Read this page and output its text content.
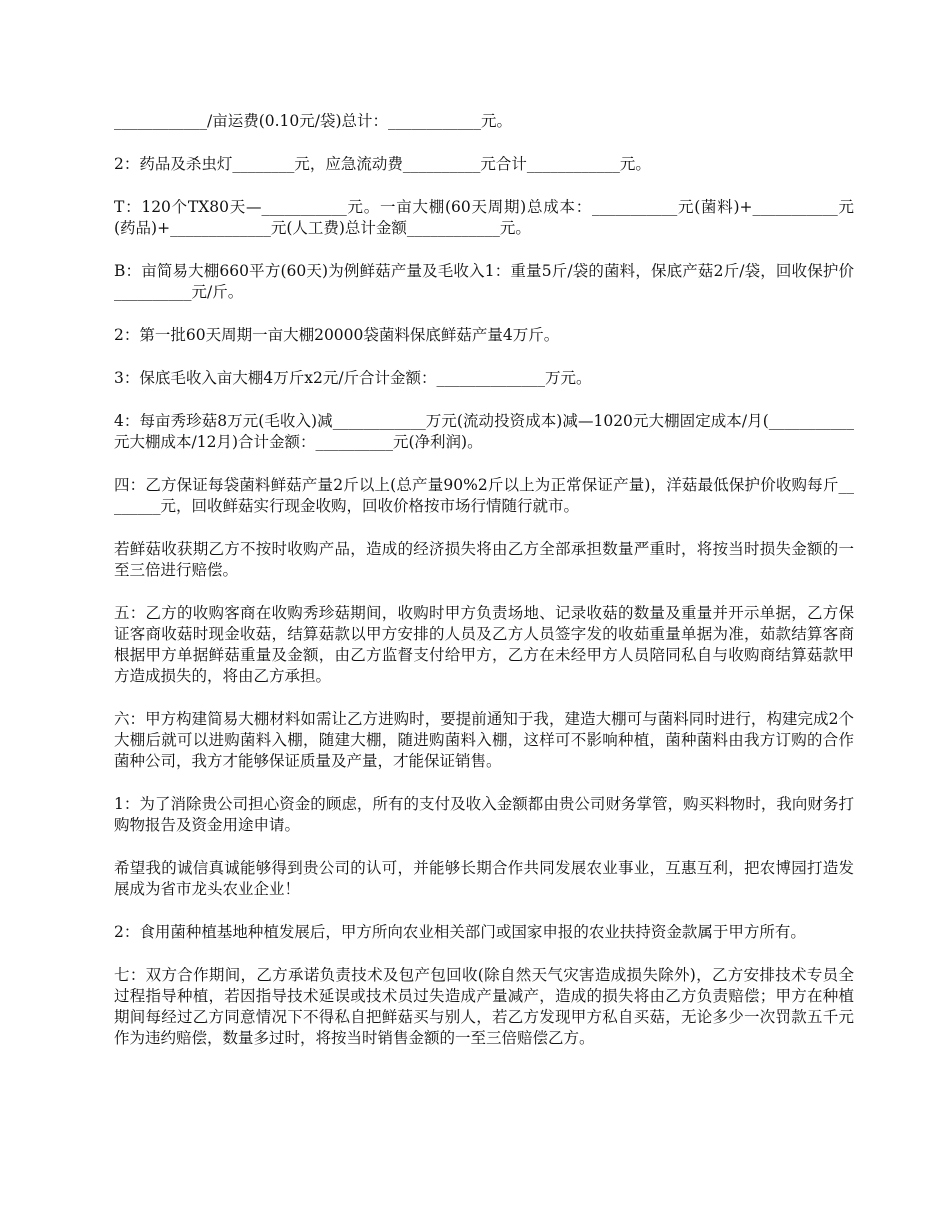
____________/亩运费(0.10元/袋)总计：____________元。

2：药品及杀虫灯________元，应急流动费__________元合计____________元。

T：120个TX80天—___________元。一亩大棚(60天周期)总成本：___________元(菌料)+___________元(药品)+_____________元(人工费)总计金额____________元。

B：亩简易大棚660平方(60天)为例鲜菇产量及毛收入1：重量5斤/袋的菌料，保底产菇2斤/袋，回收保护价__________元/斤。

2：第一批60天周期一亩大棚20000袋菌料保底鲜菇产量4万斤。

3：保底毛收入亩大棚4万斤x2元/斤合计金额：______________万元。

4：每亩秀珍菇8万元(毛收入)减____________万元(流动投资成本)减—1020元大棚固定成本/月(___________元大棚成本/12月)合计金额：__________元(净利润)。

四：乙方保证每袋菌料鲜菇产量2斤以上(总产量90%2斤以上为正常保证产量)，洋菇最低保护价收购每斤________元，回收鲜菇实行现金收购，回收价格按市场行情随行就市。

若鲜菇收获期乙方不按时收购产品，造成的经济损失将由乙方全部承担数量严重时，将按当时损失金额的一至三倍进行赔偿。

五：乙方的收购客商在收购秀珍菇期间，收购时甲方负责场地、记录收菇的数量及重量并开示单据，乙方保证客商收菇时现金收菇，结算菇款以甲方安排的人员及乙方人员签字发的收茹重量单据为准，茹款结算客商根据甲方单据鲜菇重量及金额，由乙方监督支付给甲方，乙方在未经甲方人员陪同私自与收购商结算菇款甲方造成损失的，将由乙方承担。

六：甲方构建简易大棚材料如需让乙方进购时，要提前通知于我，建造大棚可与菌料同时进行，构建完成2个大棚后就可以进购菌料入棚，随建大棚，随进购菌料入棚，这样可不影响种植，菌种菌料由我方订购的合作菌种公司，我方才能够保证质量及产量，才能保证销售。

1：为了消除贵公司担心资金的顾虑，所有的支付及收入金额都由贵公司财务掌管，购买料物时，我向财务打购物报告及资金用途申请。

希望我的诚信真诚能够得到贵公司的认可，并能够长期合作共同发展农业事业，互惠互利，把农博园打造发展成为省市龙头农业企业！

2：食用菌种植基地种植发展后，甲方所向农业相关部门或国家申报的农业扶持资金款属于甲方所有。

七：双方合作期间，乙方承诺负责技术及包产包回收(除自然天气灾害造成损失除外)，乙方安排技术专员全过程指导种植，若因指导技术延误或技术员过失造成产量减产，造成的损失将由乙方负责赔偿；甲方在种植期间每经过乙方同意情况下不得私自把鲜菇买与别人，若乙方发现甲方私自买菇，无论多少一次罚款五千元作为违约赔偿，数量多过时，将按当时销售金额的一至三倍赔偿乙方。
